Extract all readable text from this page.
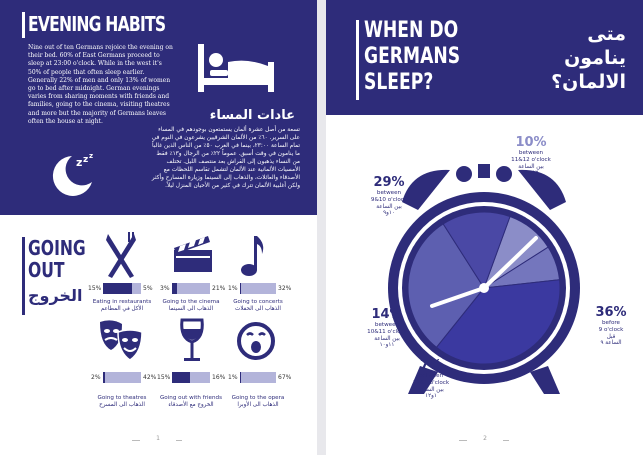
EVENING HABITS
Nine out of ten Germans rejoice the evening on their bed. 60% of East Germans proceed to sleep at 23:00 o'clock. While in the west it's 50% of people that often sleep earlier. Generally 22% of men and only 13% of women go to bed after midnight. German evenings varies from sharing moments with friends and families, going to the cinema, visiting theatres and more but the majority of Germans leaves often the house at night.	عادات المساء
تسعة من أصل عشرة ألمان يستمتعون بوجودهم في المساء على السرير. ٦٠٪ من الألمان الشرقيين يشرعون في النوم في تمام الساعة ٢٣:٠٠، بينما في الغرب ٥٠٪ من الناس الذين غالباً ما ينامون في وقت أسبق. عموماً ٢٢٪ من الرجال و١٣٪ فقط من النساء يذهبون إلى الفراش بعد منتصف الليل. تختلف الأمسيات الألمانية عند الألمان لتشمل تقاسم اللحظات مع الأصدقاء والعائلات، والذهاب إلى السينما وزيارة المسارح وأكثر ولكن أغلبية الألمان تترك في كثير من الأحيان المنزل ليلاً.
z z z
GOING
OUT
الخروج 15%	5%
Eating in restaurants
الأكل في المطاعم
3%	21%
Going to the cinema
الذهاب الى السينما
1%	32%
Going to concerts
الذهاب الى الحفلات
2%	42%
Going to theatres
الذهاب الى المسرح
15%	16%
Going out with friends
الخروج مع الأصدقاء
1%	67%
Going to the opera
الذهاب الى الأوبرا
1
WHEN DO
GERMANS
SLEEP?
متى
ينامون
الالمان؟
10%
between
11&12 o'clock
بين الساعة
١٢و١١
29%
between
9&10 o'clock
بين الساعة
١٠و٩
36%
before
9 o'clock
قبل
الساعة ٩
14%
between
10&11 o'clock
بين الساعة
١١و١٠
7%
between
12&1 o'clock
بين الساعة
١و١٢
2
